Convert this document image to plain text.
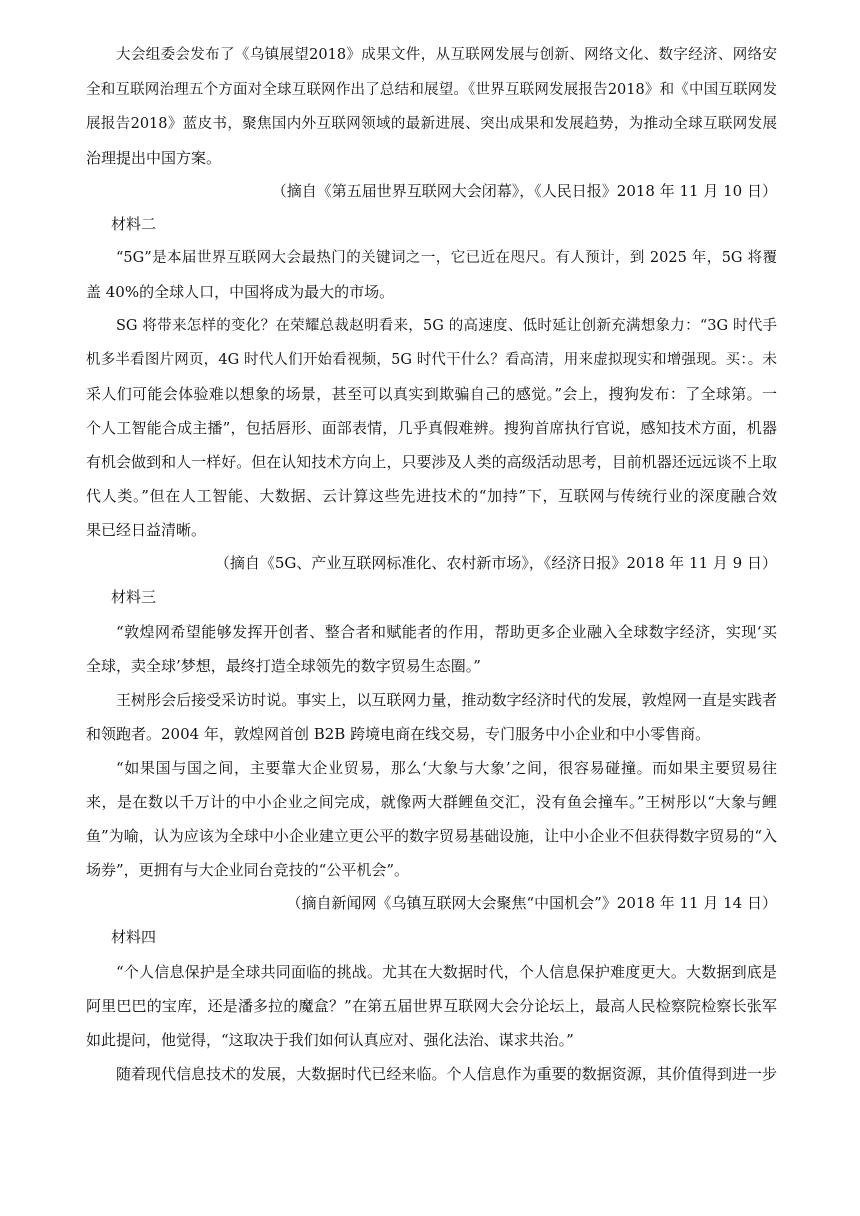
大会组委会发布了《乌镇展望2018》成果文件，从互联网发展与创新、网络文化、数字经济、网络安
全和互联网治理五个方面对全球互联网作出了总结和展望。《世界互联网发展报告2018》和《中国互联网发
展报告2018》蓝皮书，聚焦国内外互联网领域的最新进展、突出成果和发展趋势，为推动全球互联网发展
治理提出中国方案。
（摘自《第五届世界互联网大会闭幕》，《人民日报》2018 年 11 月 10 日）
材料二
“5G”是本届世界互联网大会最热门的关键词之一，它已近在咫尺。有人预计，到 2025 年，5G 将覆
盖 40%的全球人口，中国将成为最大的市场。
SG 将带来怎样的变化？在荣耀总裁赵明看来，5G 的高速度、低时延让创新充满想象力：“3G 时代手
机多半看图片网页，4G 时代人们开始看视频，5G 时代干什么？看高清，用来虚拟现实和增强现。买：。未
采人们可能会体验难以想象的场景，甚至可以真实到欺骗自己的感觉。”会上，搜狗发布：了全球第。一
个人工智能合成主播”，包括唇形、面部表情，几乎真假难辨。搜狗首席执行官说，感知技术方面，机器
有机会做到和人一样好。但在认知技术方向上，只要涉及人类的高级活动思考，目前机器还远远谈不上取
代人类。”但在人工智能、大数据、云计算这些先进技术的“加持”下，互联网与传统行业的深度融合效
果已经日益清晰。
（摘自《5G、产业互联网标准化、农村新市场》，《经济日报》2018 年 11 月 9 日）
材料三
“敦煌网希望能够发挥开创者、整合者和赋能者的作用，帮助更多企业融入全球数字经济，实现‘买
全球，卖全球’梦想，最终打造全球领先的数字贸易生态圈。”
王树彤会后接受采访时说。事实上，以互联网力量，推动数字经济时代的发展，敦煌网一直是实践者
和领跑者。2004 年，敦煌网首创 B2B 跨境电商在线交易，专门服务中小企业和中小零售商。
“如果国与国之间，主要靠大企业贸易，那么‘大象与大象’之间，很容易碰撞。而如果主要贸易往
来，是在数以千万计的中小企业之间完成，就像两大群鲤鱼交汇，没有鱼会撞车。”王树彤以“大象与鲤
鱼”为喻，认为应该为全球中小企业建立更公平的数字贸易基础设施，让中小企业不但获得数字贸易的“入
场券”，更拥有与大企业同台竞技的“公平机会”。
（摘自新闻网《乌镇互联网大会聚焦“中国机会”》2018 年 11 月 14 日）
材料四
“个人信息保护是全球共同面临的挑战。尤其在大数据时代，个人信息保护难度更大。大数据到底是
阿里巴巴的宝库，还是潘多拉的魔盒？”在第五届世界互联网大会分论坛上，最高人民检察院检察长张军
如此提问，他觉得，“这取决于我们如何认真应对、强化法治、谋求共治。”
随着现代信息技术的发展，大数据时代已经来临。个人信息作为重要的数据资源，其价值得到进一步
